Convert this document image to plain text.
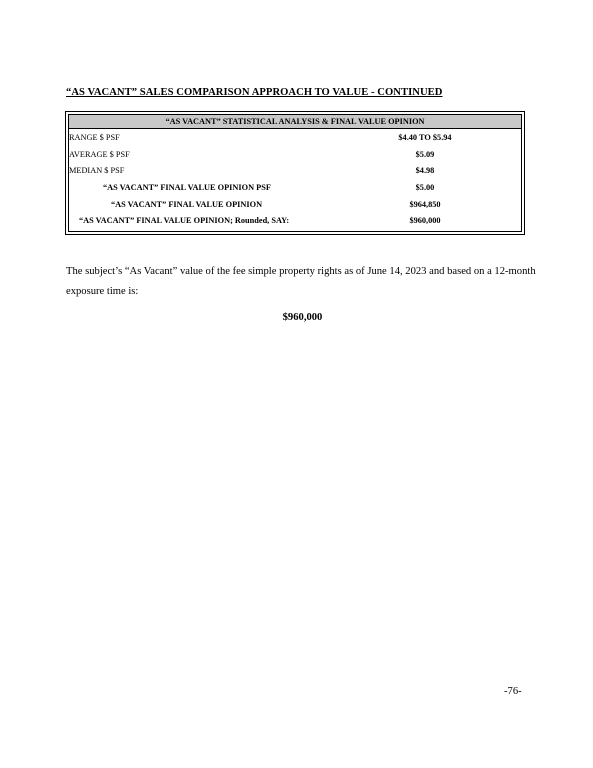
“AS VACANT” SALES COMPARISON APPROACH TO VALUE - CONTINUED
“AS VACANT” STATISTICAL ANALYSIS & FINAL VALUE OPINION
RANGE $ PSF	$4.40 TO $5.94
AVERAGE $ PSF	$5.09
MEDIAN $ PSF	$4.98
“AS VACANT” FINAL VALUE OPINION PSF	$5.00
“AS VACANT” FINAL VALUE OPINION	$964,850
“AS VACANT” FINAL VALUE OPINION; Rounded, SAY:	$960,000
The subject’s “As Vacant” value of the fee simple property rights as of June 14, 2023 and based on a 12-month exposure time is:
$960,000
-76-
